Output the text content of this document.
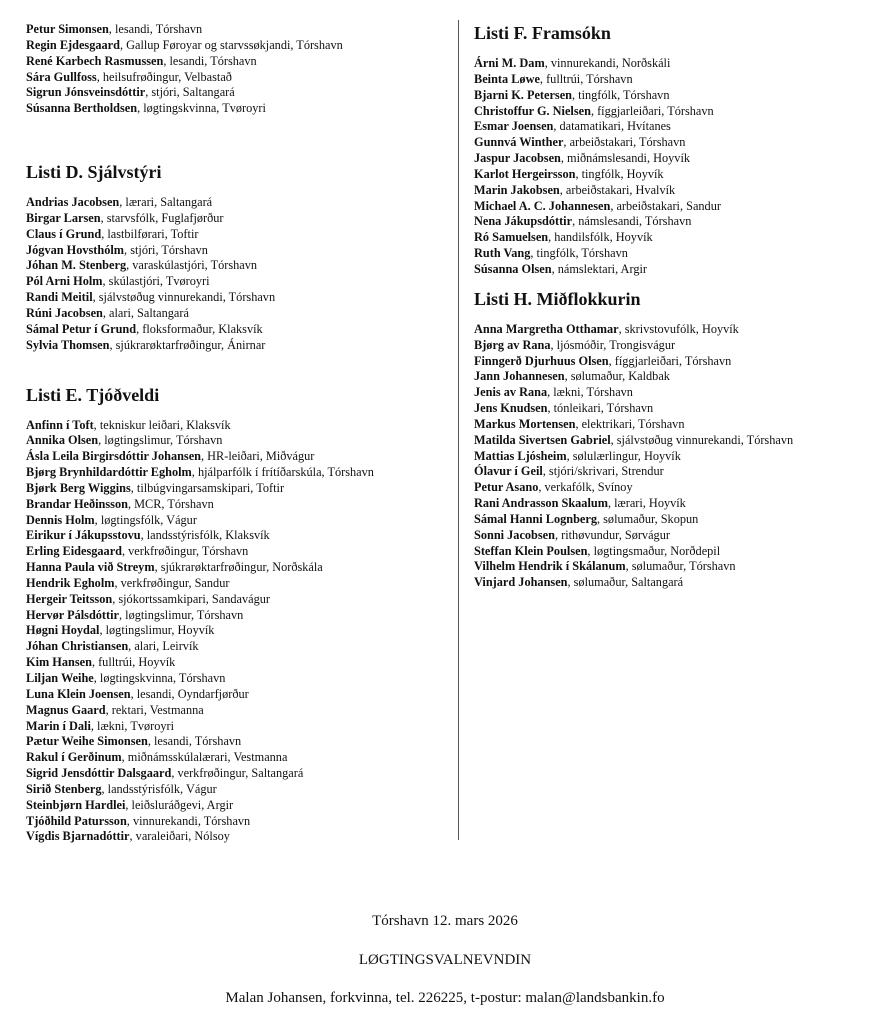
Petur Simonsen, lesandi, Tórshavn
Regin Ejdesgaard, Gallup Føroyar og starvssøkjandi, Tórshavn
René Karbech Rasmussen, lesandi, Tórshavn
Sára Gullfoss, heilsufrøðingur, Velbastað
Sigrun Jónsveinsdóttir, stjóri, Saltangará
Súsanna Bertholdsen, løgtingskvinna, Tvøroyri
Listi D. Sjálvstýri
Andrias Jacobsen, lærari, Saltangará
Birgar Larsen, starvsfólk, Fuglafjørður
Claus í Grund, lastbilførari, Toftir
Jógvan Hovsthólm, stjóri, Tórshavn
Jóhan M. Stenberg, varaskúlastjóri, Tórshavn
Pól Arni Holm, skúlastjóri, Tvøroyri
Randi Meitil, sjálvstøðug vinnurekandi, Tórshavn
Rúni Jacobsen, alari, Saltangará
Sámal Petur í Grund, floksformaður, Klaksvík
Sylvia Thomsen, sjúkrarøktarfrøðingur, Ánirnar
Listi E. Tjóðveldi
Anfinn í Toft, tekniskur leiðari, Klaksvík
Annika Olsen, løgtingslimur, Tórshavn
Ásla Leila Birgirsdóttir Johansen, HR-leiðari, Miðvágur
Bjørg Brynhildardóttir Egholm, hjálparfólk í frítíðarskúla, Tórshavn
Bjørk Berg Wiggins, tilbúgvingarsamskipari, Toftir
Brandar Heðinsson, MCR, Tórshavn
Dennis Holm, løgtingsfólk, Vágur
Eirikur í Jákupsstovu, landsstýrisfólk, Klaksvík
Erling Eidesgaard, verkfrøðingur, Tórshavn
Hanna Paula við Streym, sjúkrarøktarfrøðingur, Norðskála
Hendrik Egholm, verkfrøðingur, Sandur
Hergeir Teitsson, sjókortssamkipari, Sandavágur
Hervør Pálsdóttir, løgtingslimur, Tórshavn
Høgni Hoydal, løgtingslimur, Hoyvík
Jóhan Christiansen, alari, Leirvík
Kim Hansen, fulltrúi, Hoyvík
Liljan Weihe, løgtingskvinna, Tórshavn
Luna Klein Joensen, lesandi, Oyndarfjørður
Magnus Gaard, rektari, Vestmanna
Marin í Dali, lækni, Tvøroyri
Pætur Weihe Simonsen, lesandi, Tórshavn
Rakul í Gerðinum, miðnámsskúlalærari, Vestmanna
Sigrid Jensdóttir Dalsgaard, verkfrøðingur, Saltangará
Sirið Stenberg, landsstýrisfólk, Vágur
Steinbjørn Hardlei, leiðsluráðgevi, Argir
Tjóðhild Patursson, vinnurekandi, Tórshavn
Vígdis Bjarnadóttir, varaleiðari, Nólsoy
Listi F. Framsókn
Árni M. Dam, vinnurekandi, Norðskáli
Beinta Løwe, fulltrúi, Tórshavn
Bjarni K. Petersen, tingfólk, Tórshavn
Christoffur G. Nielsen, fíggjarleiðari, Tórshavn
Esmar Joensen, datamatikari, Hvítanes
Gunnvá Winther, arbeiðstakari, Tórshavn
Jaspur Jacobsen, miðnámslesandi, Hoyvík
Karlot Hergeirsson, tingfólk, Hoyvík
Marin Jakobsen, arbeiðstakari, Hvalvík
Michael A. C. Johannesen, arbeiðstakari, Sandur
Nena Jákupsdóttir, námslesandi, Tórshavn
Ró Samuelsen, handilsfólk, Hoyvík
Ruth Vang, tingfólk, Tórshavn
Súsanna Olsen, námslektari, Argir
Listi H. Miðflokkurin
Anna Margretha Otthamar, skrivstovufólk, Hoyvík
Bjørg av Rana, ljósmóðir, Trongisvágur
Finngerð Djurhuus Olsen, fíggjarleiðari, Tórshavn
Jann Johannesen, sølumaður, Kaldbak
Jenis av Rana, lækni, Tórshavn
Jens Knudsen, tónleikari, Tórshavn
Markus Mortensen, elektrikari, Tórshavn
Matilda Sivertsen Gabriel, sjálvstøðug vinnurekandi, Tórshavn
Mattias Ljósheim, sølulærlingur, Hoyvík
Ólavur í Geil, stjóri/skrivari, Strendur
Petur Asano, verkafólk, Svínoy
Rani Andrasson Skaalum, lærari, Hoyvík
Sámal Hanni Lognberg, sølumaður, Skopun
Sonni Jacobsen, rithøvundur, Sørvágur
Steffan Klein Poulsen, løgtingsmaður, Norðdepil
Vilhelm Hendrik í Skálanum, sølumaður, Tórshavn
Vinjard Johansen, sølumaður, Saltangará
Tórshavn 12. mars 2026
LØGTINGSVALNEVNDIN
Malan Johansen, forkvinna, tel. 226225, t-postur: malan@landsbankin.fo
